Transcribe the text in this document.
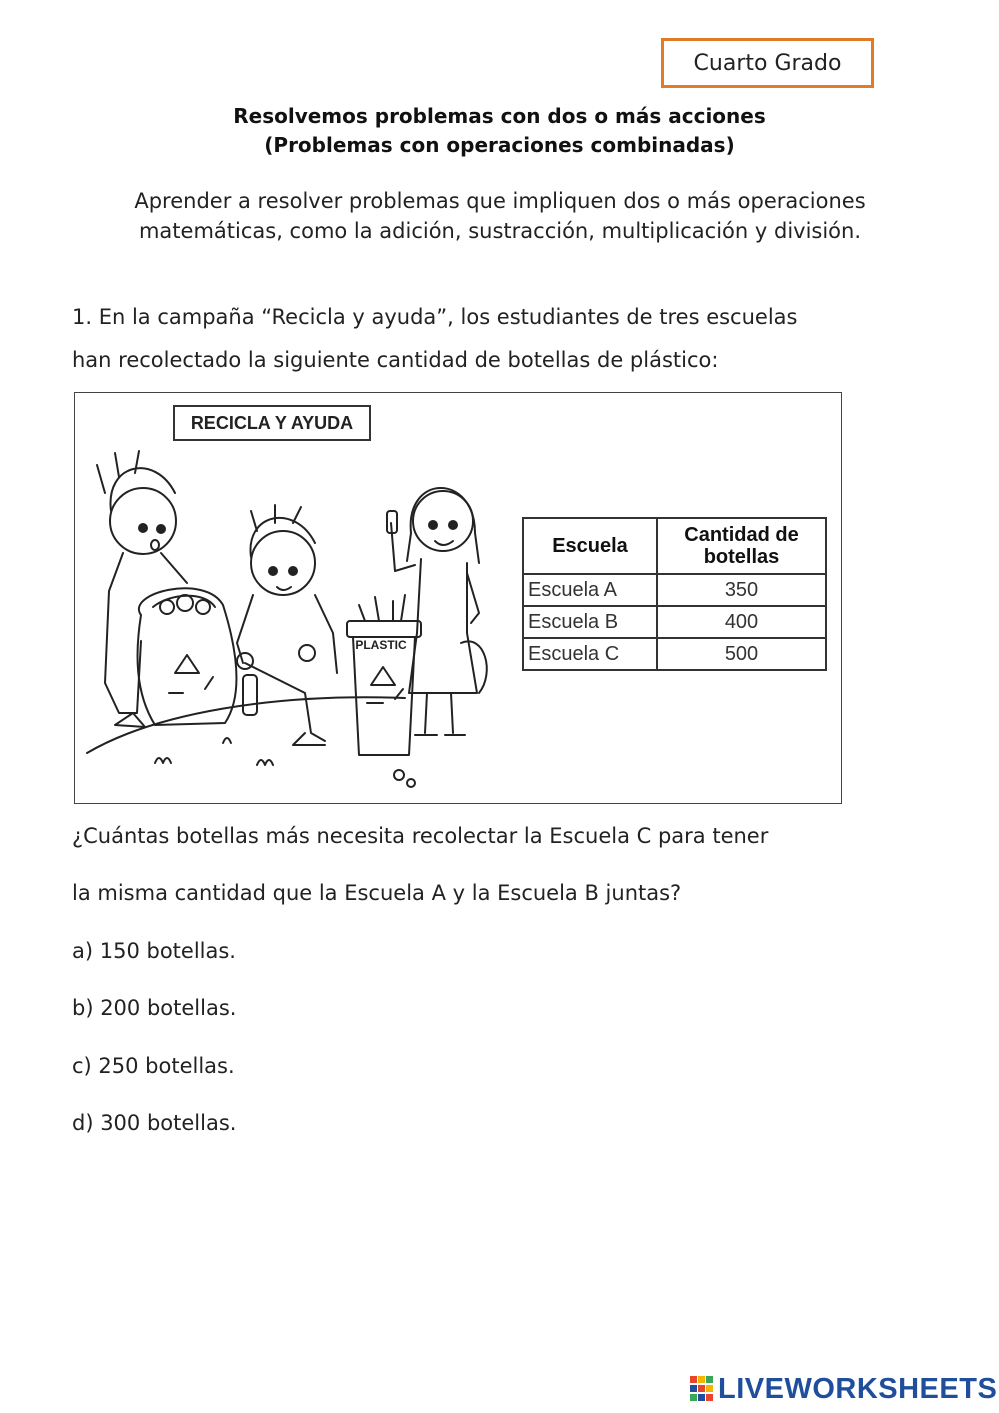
Cuarto Grado
Resolvemos problemas con dos o más acciones
(Problemas con operaciones combinadas)
Aprender a resolver problemas que impliquen dos o más operaciones
matemáticas, como la adición, sustracción, multiplicación y división.
1. En la campaña “Recicla y ayuda”, los estudiantes de tres escuelas
han recolectado la siguiente cantidad de botellas de plástico:
PLASTIC
RECICLA Y AYUDA
Escuela	Cantidad de
botellas
Escuela A	350
Escuela B	400
Escuela C	500
¿Cuántas botellas más necesita recolectar la Escuela C para tener
la misma cantidad que la Escuela A y la Escuela B juntas?
a) 150 botellas.
b) 200 botellas.
c) 250 botellas.
d) 300 botellas.
LIVEWORKSHEETS
